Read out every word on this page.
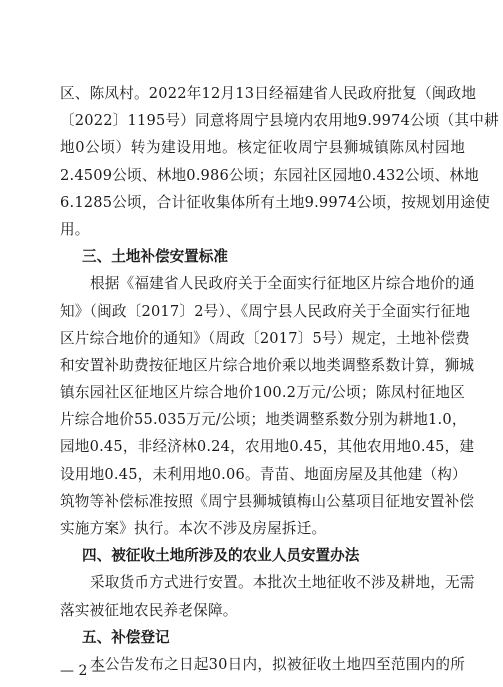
区、陈凤村。2022年12月13日经福建省人民政府批复（闽政地
〔2022〕1195号）同意将周宁县境内农用地9.9974公顷（其中耕
地0公顷）转为建设用地。核定征收周宁县狮城镇陈凤村园地
2.4509公顷、林地0.986公顷；东园社区园地0.432公顷、林地
6.1285公顷，合计征收集体所有土地9.9974公顷，按规划用途使
用。
三、土地补偿安置标准
根据《福建省人民政府关于全面实行征地区片综合地价的通
知》（闽政〔2017〕2号）、《周宁县人民政府关于全面实行征地
区片综合地价的通知》（周政〔2017〕5号）规定，土地补偿费
和安置补助费按征地区片综合地价乘以地类调整系数计算，狮城
镇东园社区征地区片综合地价100.2万元/公顷；陈凤村征地区
片综合地价55.035万元/公顷；地类调整系数分别为耕地1.0，
园地0.45，非经济林0.24，农用地0.45，其他农用地0.45，建
设用地0.45，未利用地0.06。青苗、地面房屋及其他建（构）
筑物等补偿标准按照《周宁县狮城镇梅山公墓项目征地安置补偿
实施方案》执行。本次不涉及房屋拆迁。
四、被征收土地所涉及的农业人员安置办法
采取货币方式进行安置。本批次土地征收不涉及耕地，无需
落实被征地农民养老保障。
五、补偿登记
本公告发布之日起30日内，拟被征收土地四至范围内的所
— 2 —
